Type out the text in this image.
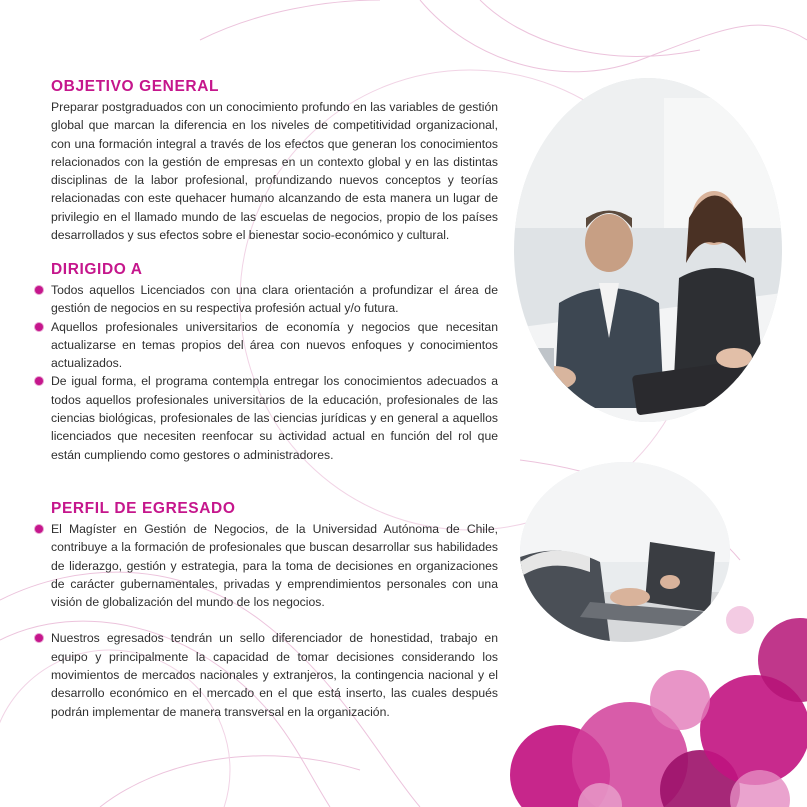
OBJETIVO GENERAL

Preparar postgraduados con un conocimiento profundo en las variables de gestión global que marcan la diferencia en los niveles de competitividad organizacional, con una formación integral a través de los efectos que generan los conocimientos relacionados con la gestión de empresas en un contexto global y en las distintas disciplinas de la labor profesional, profundizando nuevos conceptos y teorías relacionadas con este quehacer humano alcanzando de esta manera un lugar de privilegio en el llamado mundo de las escuelas de negocios, propio de los países desarrollados y sus efectos sobre el bienestar socio-económico y cultural.

DIRIGIDO A
Todos aquellos Licenciados con una clara orientación a profundizar el área de gestión de negocios en su respectiva profesión actual y/o futura.
Aquellos profesionales universitarios de economía y negocios que necesitan actualizarse en temas propios del área con nuevos enfoques y conocimientos actualizados.
De igual forma, el programa contempla entregar los conocimientos adecuados a todos aquellos profesionales universitarios de la educación, profesionales de las ciencias biológicas, profesionales de las ciencias jurídicas y en general a aquellos licenciados que necesiten reenfocar su actividad actual en función del rol que están cumpliendo como gestores o administradores.
PERFIL DE EGRESADO
El Magíster en Gestión de Negocios, de la Universidad Autónoma de Chile, contribuye a la formación de profesionales que buscan desarrollar sus habilidades de liderazgo, gestión y estrategia, para la toma de decisiones en organizaciones de carácter gubernamentales, privadas y emprendimientos personales con una visión de globalización del mundo de los negocios.
Nuestros egresados tendrán un sello diferenciador de honestidad, trabajo en equipo y principalmente la capacidad de tomar decisiones considerando los movimientos de mercados nacionales y extranjeros, la contingencia nacional y el desarrollo económico en el mercado en el que está inserto, las cuales después podrán implementar de manera transversal en la organización.
